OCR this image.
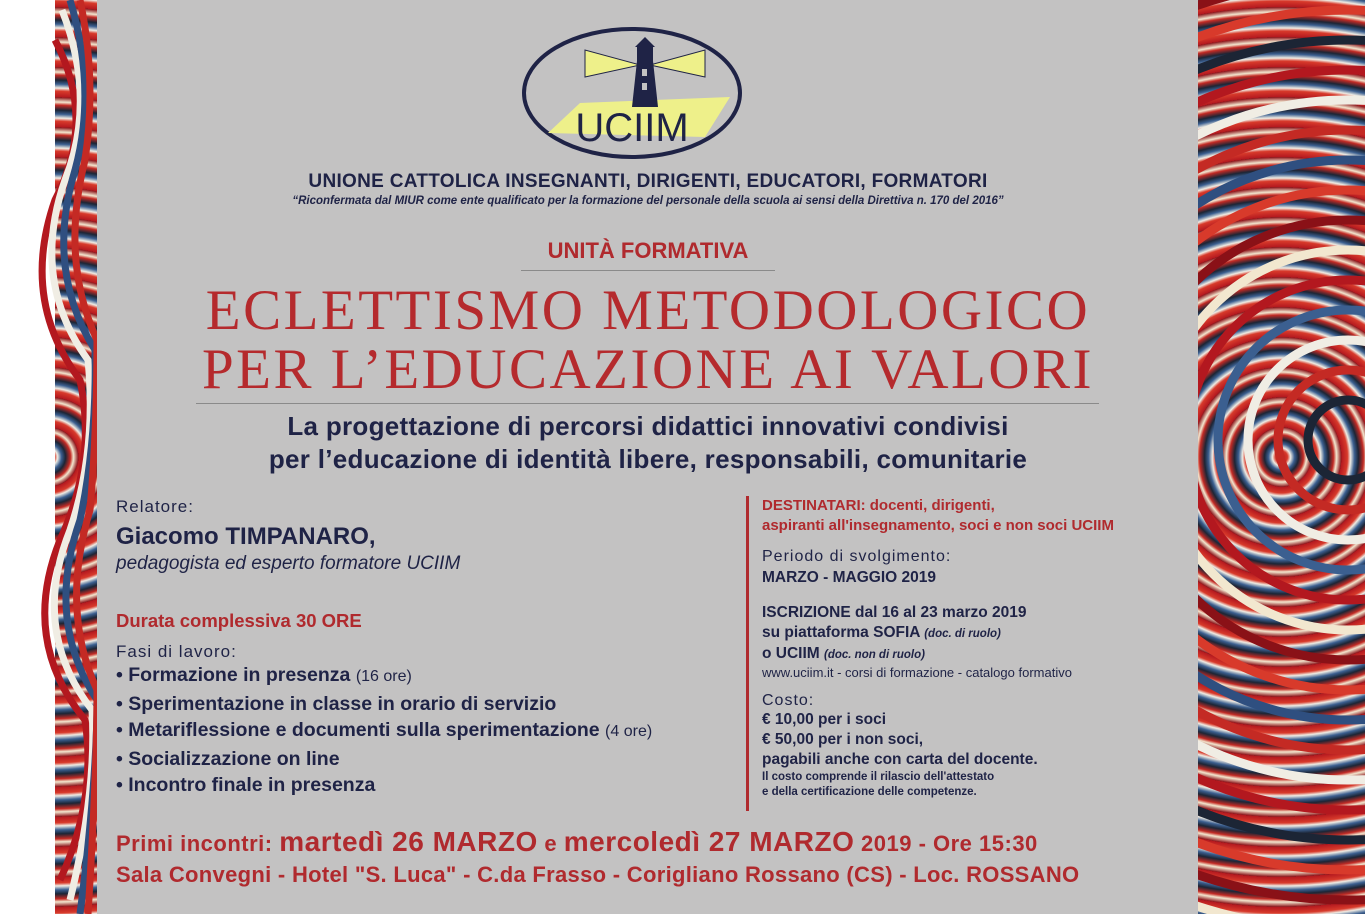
UCIIM
UNIONE CATTOLICA INSEGNANTI, DIRIGENTI, EDUCATORI, FORMATORI
“Riconfermata dal MIUR come ente qualificato per la formazione del personale della scuola ai sensi della Direttiva n. 170 del 2016”
UNITÀ FORMATIVA
ECLETTISMO METODOLOGICO
PER L’EDUCAZIONE AI VALORI
La progettazione di percorsi didattici innovativi condivisi
per l’educazione di identità libere, responsabili, comunitarie
Relatore:
Giacomo TIMPANARO,
pedagogista ed esperto formatore UCIIM
Durata complessiva 30 ORE
Fasi di lavoro:
• Formazione in presenza (16 ore)
• Sperimentazione in classe in orario di servizio
• Metariflessione e documenti sulla sperimentazione (4 ore)
• Socializzazione on line
• Incontro finale in presenza
DESTINATARI: docenti, dirigenti,
aspiranti all'insegnamento, soci e non soci UCIIM
Periodo di svolgimento:
MARZO - MAGGIO 2019
ISCRIZIONE dal 16 al 23 marzo 2019
su piattaforma SOFIA (doc. di ruolo)
o UCIIM (doc. non di ruolo)
www.uciim.it - corsi di formazione - catalogo formativo
Costo:
€ 10,00 per i soci
€ 50,00 per i non soci,
pagabili anche con carta del docente.
Il costo comprende il rilascio dell'attestato
e della certificazione delle competenze.
Primi incontri: martedì 26 MARZO e mercoledì 27 MARZO 2019 - Ore 15:30
Sala Convegni - Hotel "S. Luca" - C.da Frasso - Corigliano Rossano (CS) - Loc. ROSSANO
